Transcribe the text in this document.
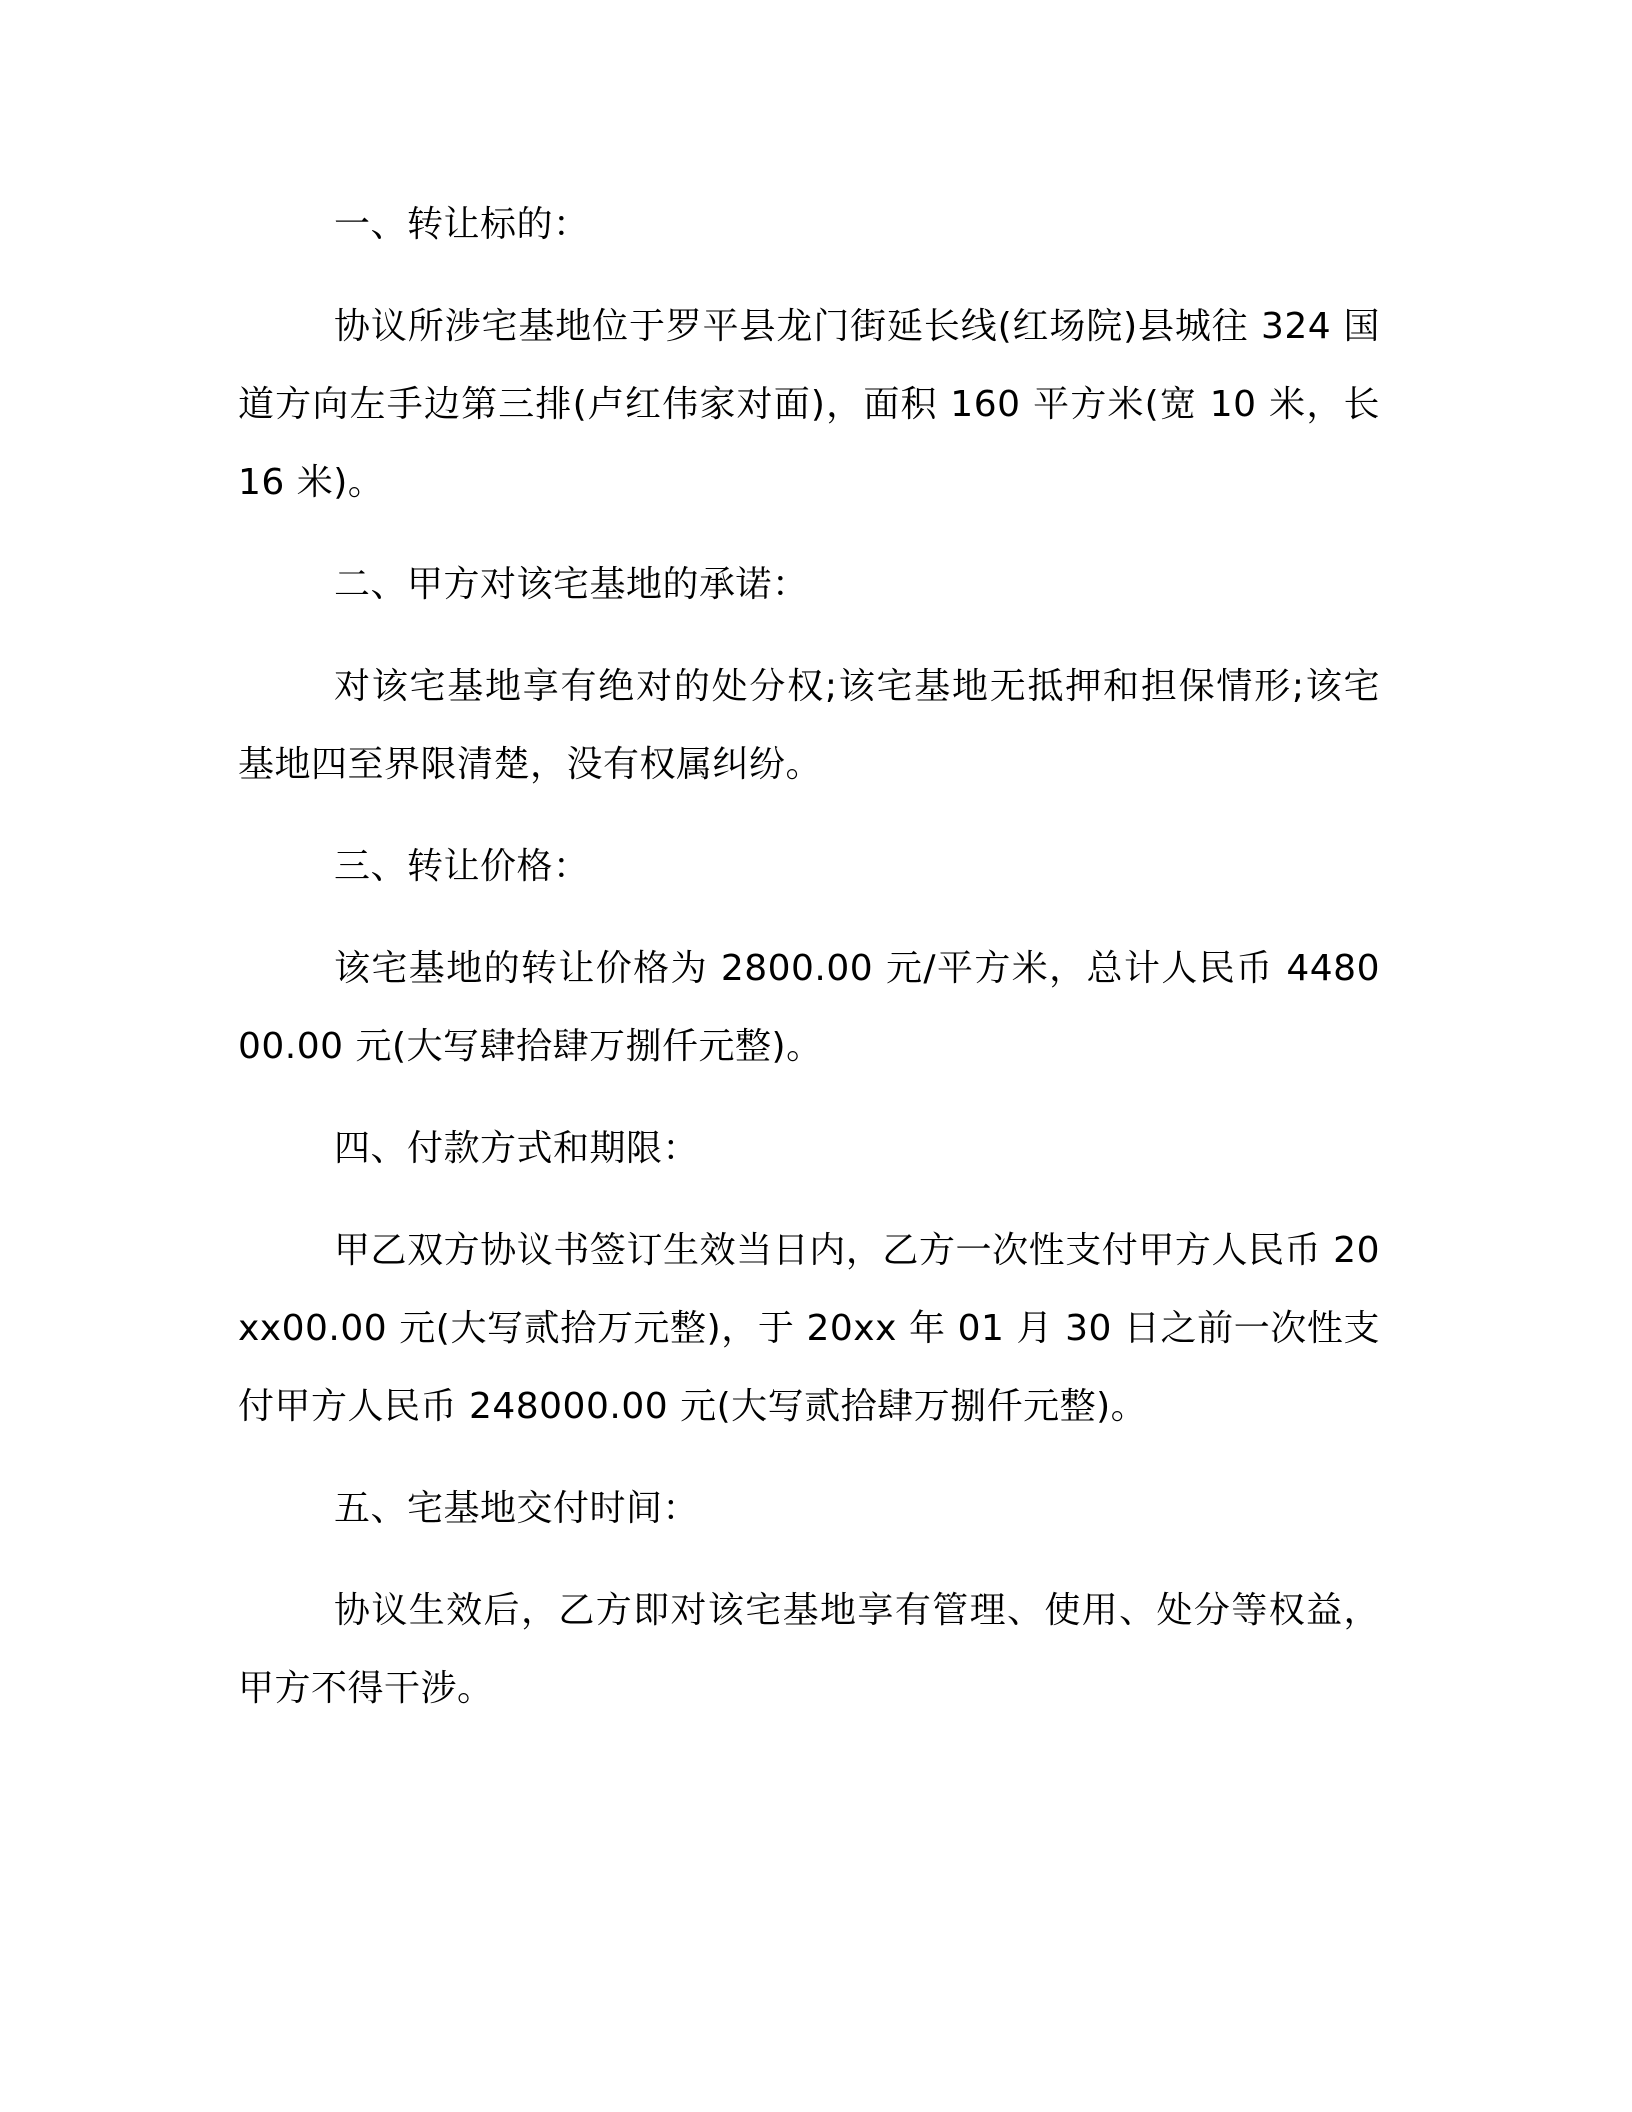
一、转让标的：

协议所涉宅基地位于罗平县龙门街延长线(红场院)县城往 324 国道方向左手边第三排(卢红伟家对面)，面积 160 平方米(宽 10 米，长 16 米)。

二、甲方对该宅基地的承诺：

对该宅基地享有绝对的处分权;该宅基地无抵押和担保情形;该宅基地四至界限清楚，没有权属纠纷。

三、转让价格：

该宅基地的转让价格为 2800.00 元/平方米，总计人民币 448000.00 元(大写肆拾肆万捌仟元整)。

四、付款方式和期限：

甲乙双方协议书签订生效当日内，乙方一次性支付甲方人民币 20xx00.00 元(大写贰拾万元整)，于 20xx 年 01 月 30 日之前一次性支付甲方人民币 248000.00 元(大写贰拾肆万捌仟元整)。

五、宅基地交付时间：

协议生效后，乙方即对该宅基地享有管理、使用、处分等权益，甲方不得干涉。
